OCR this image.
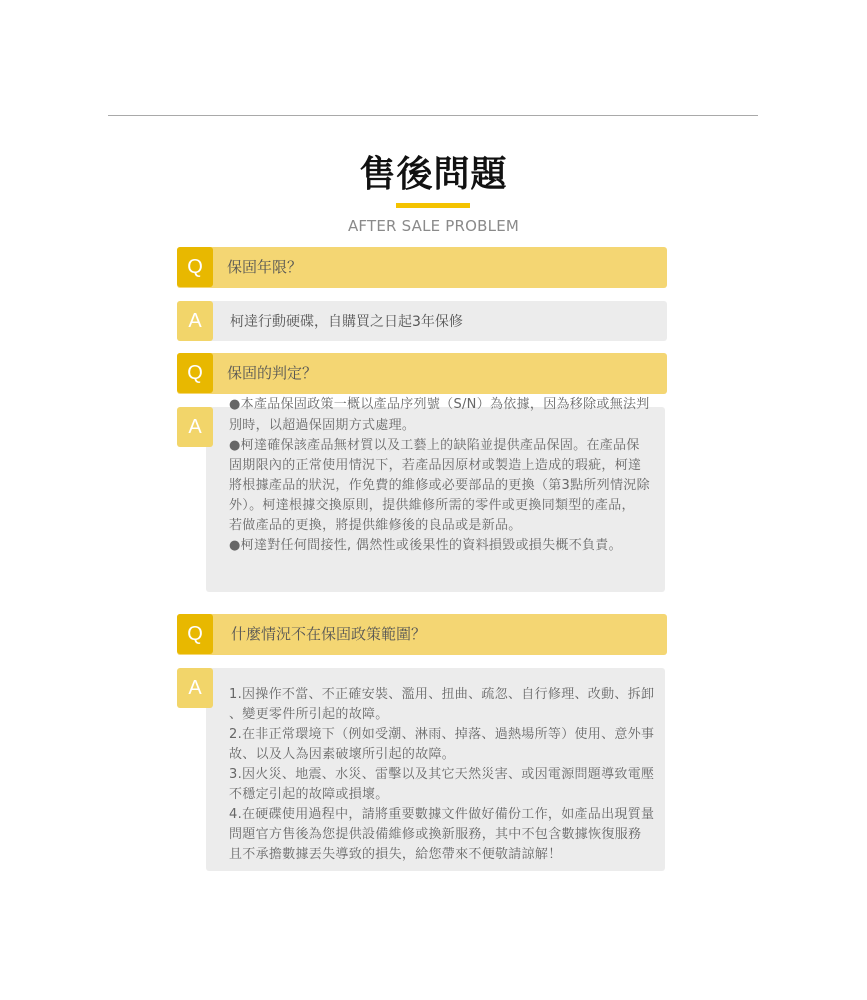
售後問題
AFTER SALE PROBLEM
Q	保固年限？
A	柯達行動硬碟，自購買之日起3年保修
Q	保固的判定？
A
●本產品保固政策一概以產品序列號（S/N）為依據，因為移除或無法判
別時，以超過保固期方式處理。
●柯達確保該產品無材質以及工藝上的缺陷並提供產品保固。在產品保
固期限內的正常使用情況下，若產品因原材或製造上造成的瑕疵，柯達
將根據產品的狀況，作免費的維修或必要部品的更換（第3點所列情況除
外）。柯達根據交換原則，提供維修所需的零件或更換同類型的產品，
若做產品的更換，將提供維修後的良品或是新品。
●柯達對任何間接性, 偶然性或後果性的資料損毀或損失概不負責。
Q	什麼情況不在保固政策範圍？
A	1.因操作不當、不正確安裝、濫用、扭曲、疏忽、自行修理、改動、拆卸
、變更零件所引起的故障。
2.在非正常環境下（例如受潮、淋雨、掉落、過熱場所等）使用、意外事
故、以及人為因素破壞所引起的故障。
3.因火災、地震、水災、雷擊以及其它天然災害、或因電源問題導致電壓
不穩定引起的故障或損壞。
4.在硬碟使用過程中，請將重要數據文件做好備份工作，如產品出現質量
問題官方售後為您提供設備維修或換新服務，其中不包含數據恢復服務
且不承擔數據丟失導致的損失，給您帶來不便敬請諒解！
